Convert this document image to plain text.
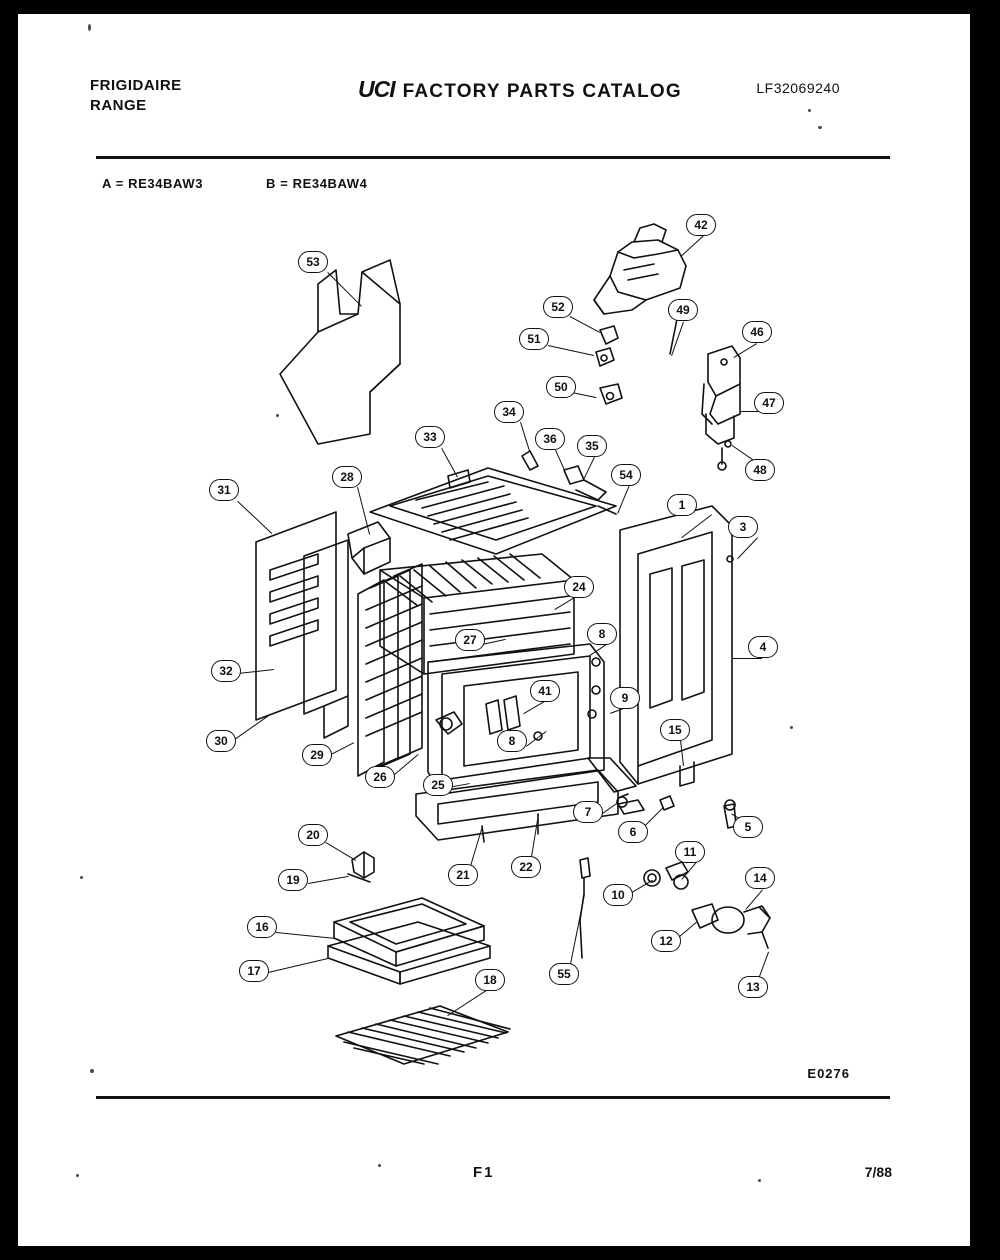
FRIGIDAIRE
RANGE
UCI FACTORY PARTS CATALOG	LF32069240
A = RE34BAW3	B = RE34BAW4
1
3
4
5
6
7
8
8
9
10
11
12
13
14
15
16
17
18
19
20
21
22
24
25
26
27
28
29
30
31
32
33
34
35
36
41
42
46
47
48
49
50
51
52
53
54
55
E0276
F1	7/88
